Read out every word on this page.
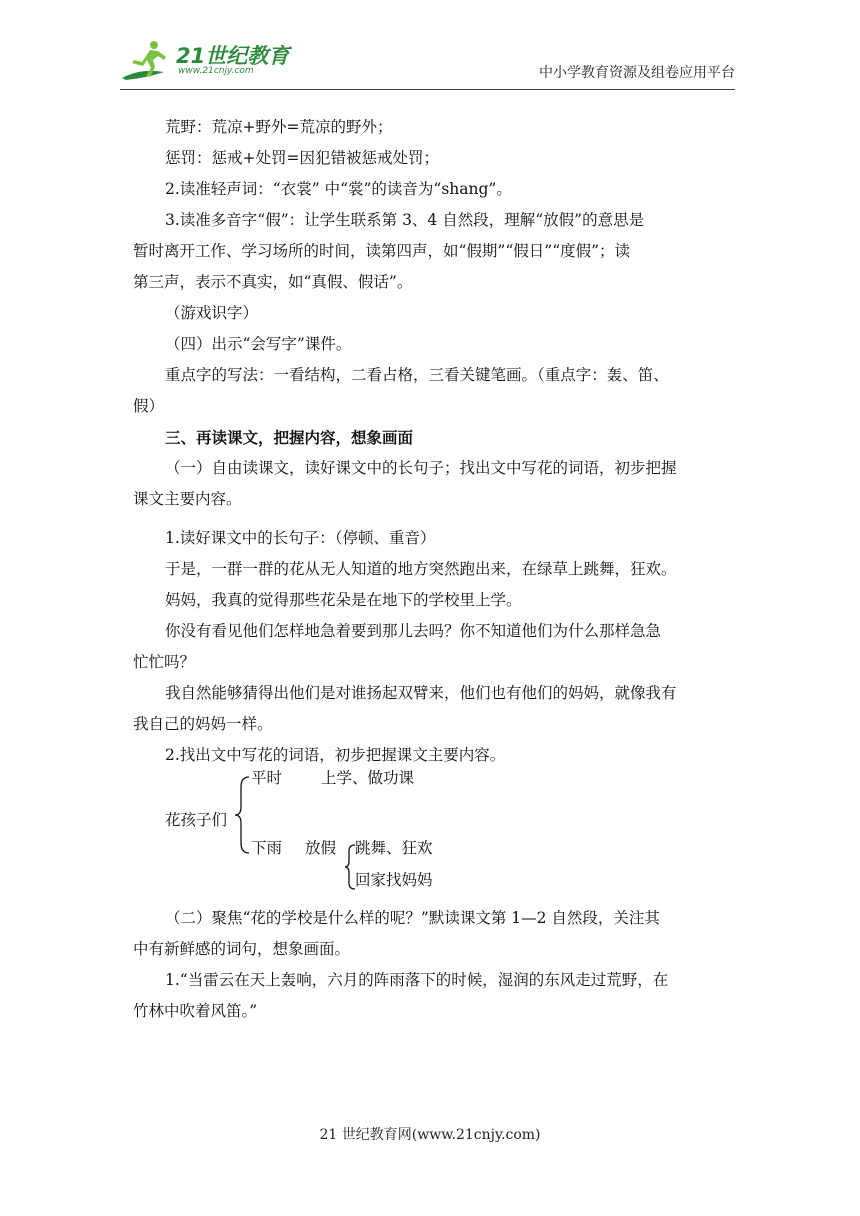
21世纪教育
www.21cnjy.com	中小学教育资源及组卷应用平台

荒野：荒凉+野外=荒凉的野外；

惩罚：惩戒+处罚=因犯错被惩戒处罚；

2.读准轻声词：“衣裳” 中“裳”的读音为“shang”。

3.读准多音字“假”：让学生联系第 3、4 自然段，理解“放假”的意思是

暂时离开工作、学习场所的时间，读第四声，如“假期”“假日”“度假”；读

第三声，表示不真实，如“真假、假话”。

（游戏识字）

（四）出示“会写字”课件。

重点字的写法：一看结构，二看占格，三看关键笔画。（重点字：轰、笛、

假）

三、再读课文，把握内容，想象画面

（一）自由读课文，读好课文中的长句子；找出文中写花的词语，初步把握

课文主要内容。

1.读好课文中的长句子：（停顿、重音）

于是，一群一群的花从无人知道的地方突然跑出来，在绿草上跳舞，狂欢。

妈妈，我真的觉得那些花朵是在地下的学校里上学。

你没有看见他们怎样地急着要到那儿去吗？你不知道他们为什么那样急急

忙忙吗？

我自然能够猜得出他们是对谁扬起双臂来，他们也有他们的妈妈，就像我有

我自己的妈妈一样。

2.找出文中写花的词语，初步把握课文主要内容。

花孩子们
平时	上学、做功课
下雨 放假 跳舞、狂欢
回家找妈妈

（二）聚焦“花的学校是什么样的呢？”默读课文第 1—2 自然段，关注其

中有新鲜感的词句，想象画面。

1.“当雷云在天上轰响，六月的阵雨落下的时候，湿润的东风走过荒野，在

竹林中吹着风笛。”

21 世纪教育网(www.21cnjy.com)
